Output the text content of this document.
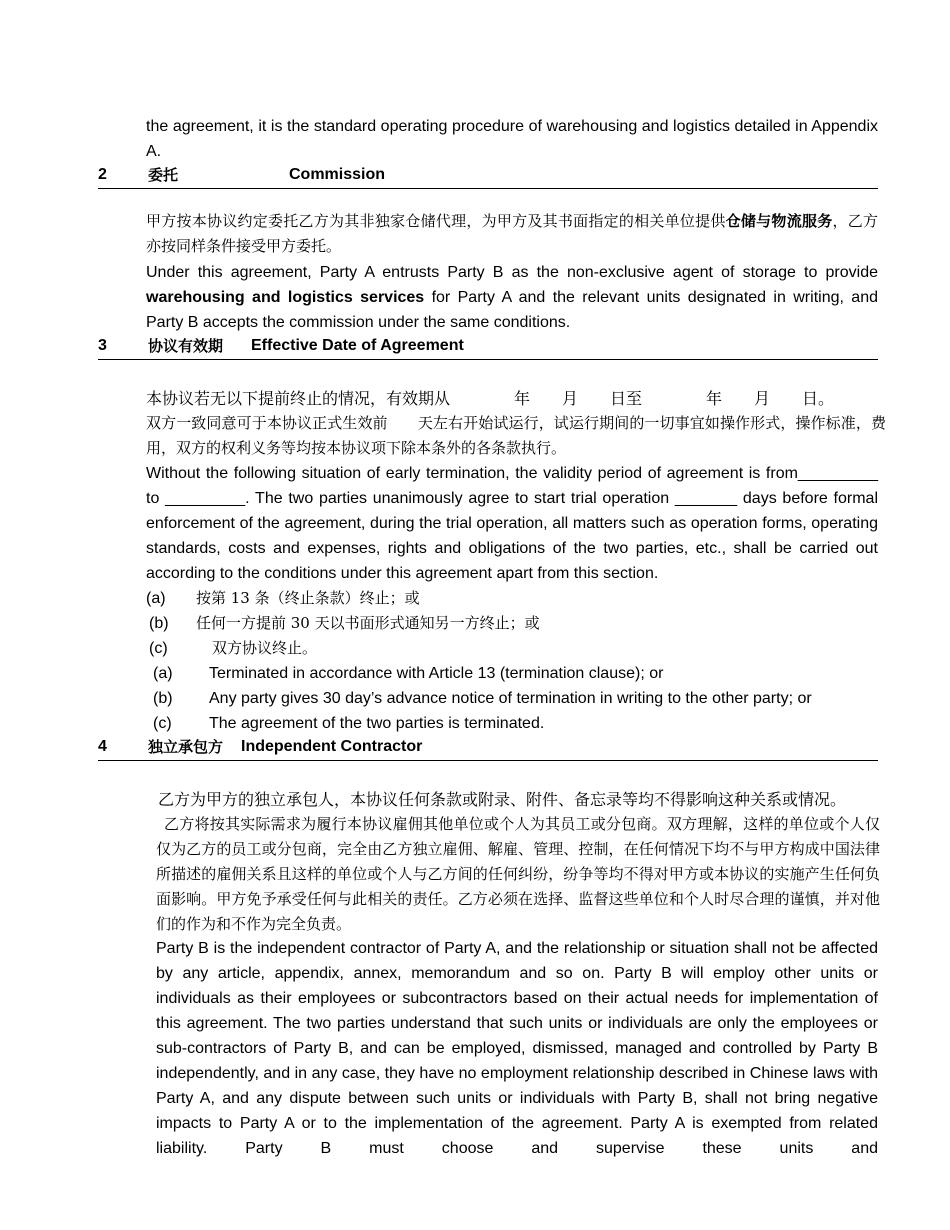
the agreement, it is the standard operating procedure of warehousing and logistics detailed in Appendix A.

2	委托	Commission

甲方按本协议约定委托乙方为其非独家仓储代理，为甲方及其书面指定的相关单位提供仓储与物流服务，乙方亦按同样条件接受甲方委托。

Under this agreement, Party A entrusts Party B as the non-exclusive agent of storage to provide warehousing and logistics services for Party A and the relevant units designated in writing, and Party B accepts the commission under the same conditions.

3	协议有效期 Effective Date of Agreement
本协议若无以下提前终止的情况，有效期从　　　　年　　月　　日至　　　　年　　月　　日。

双方一致同意可于本协议正式生效前　　天左右开始试运行，试运行期间的一切事宜如操作形式，操作标准，费用，双方的权利义务等均按本协议项下除本条外的各条款执行。

Without the following situation of early termination, the validity period of agreement is from_________ to _________. The two parties unanimously agree to start trial operation _______ days before formal enforcement of the agreement, during the trial operation, all matters such as operation forms, operating standards, costs and expenses, rights and obligations of the two parties, etc., shall be carried out according to the conditions under this agreement apart from this section.

(a) 按第 13 条（终止条款）终止；或
(b) 任何一方提前 30 天以书面形式通知另一方终止；或
(c)	双方协议终止。
(a) Terminated in accordance with Article 13 (termination clause); or
(b) Any party gives 30 day’s advance notice of termination in writing to the other party; or
(c) The agreement of the two parties is terminated.
4	独立承包方 Independent Contractor
乙方为甲方的独立承包人，本协议任何条款或附录、附件、备忘录等均不得影响这种关系或情况。

乙方将按其实际需求为履行本协议雇佣其他单位或个人为其员工或分包商。双方理解，这样的单位或个人仅仅为乙方的员工或分包商，完全由乙方独立雇佣、解雇、管理、控制，在任何情况下均不与甲方构成中国法律所描述的雇佣关系且这样的单位或个人与乙方间的任何纠纷，纷争等均不得对甲方或本协议的实施产生任何负面影响。甲方免予承受任何与此相关的责任。乙方必须在选择、监督这些单位和个人时尽合理的谨慎，并对他们的作为和不作为完全负责。

Party B is the independent contractor of Party A, and the relationship or situation shall not be affected by any article, appendix, annex, memorandum and so on. Party B will employ other units or individuals as their employees or subcontractors based on their actual needs for implementation of this agreement. The two parties understand that such units or individuals are only the employees or sub-contractors of Party B, and can be employed, dismissed, managed and controlled by Party B independently, and in any case, they have no employment relationship described in Chinese laws with Party A, and any dispute between such units or individuals with Party B, shall not bring negative impacts to Party A or to the implementation of the agreement. Party A is exempted from related liability. Party B must choose and supervise these units and
